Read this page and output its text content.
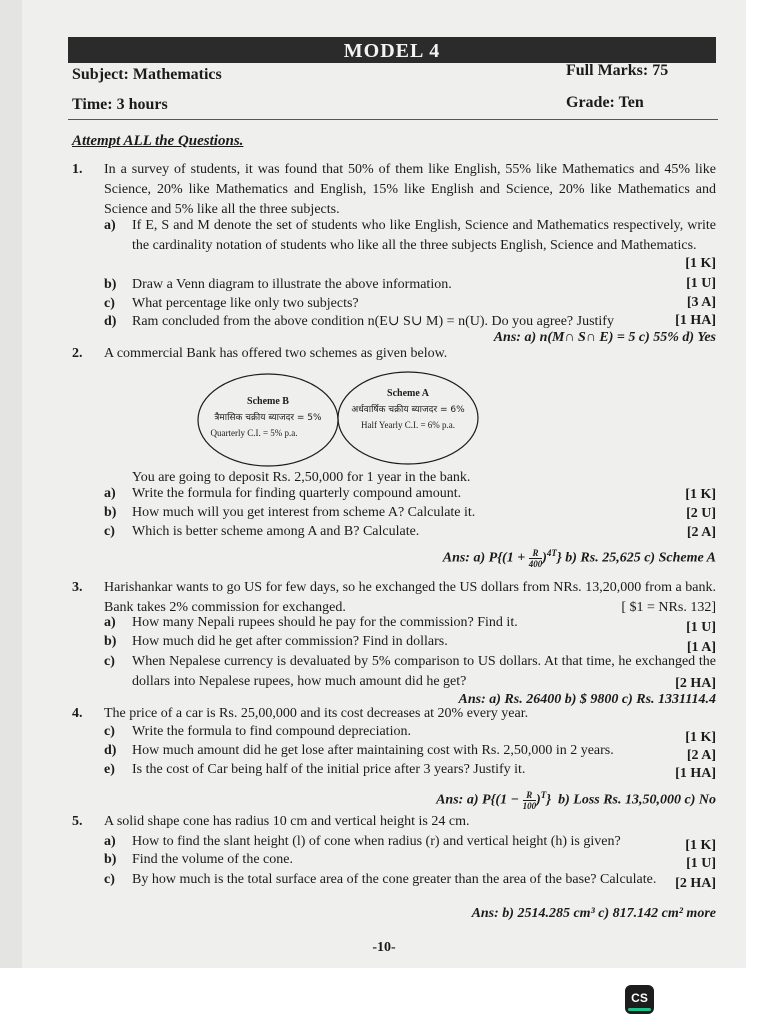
MODEL 4
Subject: Mathematics	Full Marks: 75
Time: 3 hours	Grade: Ten
Attempt ALL the Questions.
1. In a survey of students, it was found that 50% of them like English, 55% like Mathematics and 45% like Science, 20% like Mathematics and English, 15% like English and Science, 20% like Mathematics and Science and 5% like all the three subjects.
a) If E, S and M denote the set of students who like English, Science and Mathematics respectively, write the cardinality notation of students who like all the three subjects English, Science and Mathematics.
[1 K]
b) Draw a Venn diagram to illustrate the above information.	[1 U]
c) What percentage like only two subjects?	[3 A]
d) Ram concluded from the above condition n(E∪ S∪ M) = n(U). Do you agree? Justify	[1 HA]
Ans: a) n(M∩ S∩ E) = 5 c) 55% d) Yes
2. A commercial Bank has offered two schemes as given below.
Scheme B
त्रैमासिक चक्रीय ब्याजदर = 5%
Quarterly C.I. = 5% p.a.
Scheme A
अर्धवार्षिक चक्रीय ब्याजदर = 6%
Half Yearly C.I. = 6% p.a.
You are going to deposit Rs. 2,50,000 for 1 year in the bank.
a) Write the formula for finding quarterly compound amount.	[1 K]
b) How much will you get interest from scheme A? Calculate it.	[2 U]
c) Which is better scheme among A and B? Calculate.	[2 A]
Ans: a) $P\{(1 + \frac{R}{400} )^{4T}\}$ b) Rs. 25,625 c) Scheme A
3. Harishankar wants to go US for few days, so he exchanged the US dollars from NRs. 13,20,000 from a bank. Bank takes 2% commission for exchanged.	[ $1 = NRs. 132]
a) How many Nepali rupees should he pay for the commission? Find it.	[1 U]
b) How much did he get after commission? Find in dollars.	[1 A]
c) When Nepalese currency is devaluated by 5% comparison to US dollars. At that time, he exchanged the dollars into Nepalese rupees, how much amount did he get?	[2 HA]
Ans: a) Rs. 26400 b) $ 9800 c) Rs. 1331114.4
4. The price of a car is Rs. 25,00,000 and its cost decreases at 20% every year.
c) Write the formula to find compound depreciation.	[1 K]
d) How much amount did he get lose after maintaining cost with Rs. 2,50,000 in 2 years.	[2 A]
e) Is the cost of Car being half of the initial price after 3 years? Justify it.	[1 HA]
Ans: a) $P\{(1 - \frac{R}{100} )^T\}$  b) Loss Rs. 13,50,000 c) No
5. A solid shape cone has radius 10 cm and vertical height is 24 cm.
a) How to find the slant height (l) of cone when radius (r) and vertical height (h) is given?	[1 K]
b) Find the volume of the cone.	[1 U]
c) By how much is the total surface area of the cone greater than the area of the base? Calculate.	[2 HA]
Ans: b) 2514.285 cm³ c) 817.142 cm² more
-10-
CS
